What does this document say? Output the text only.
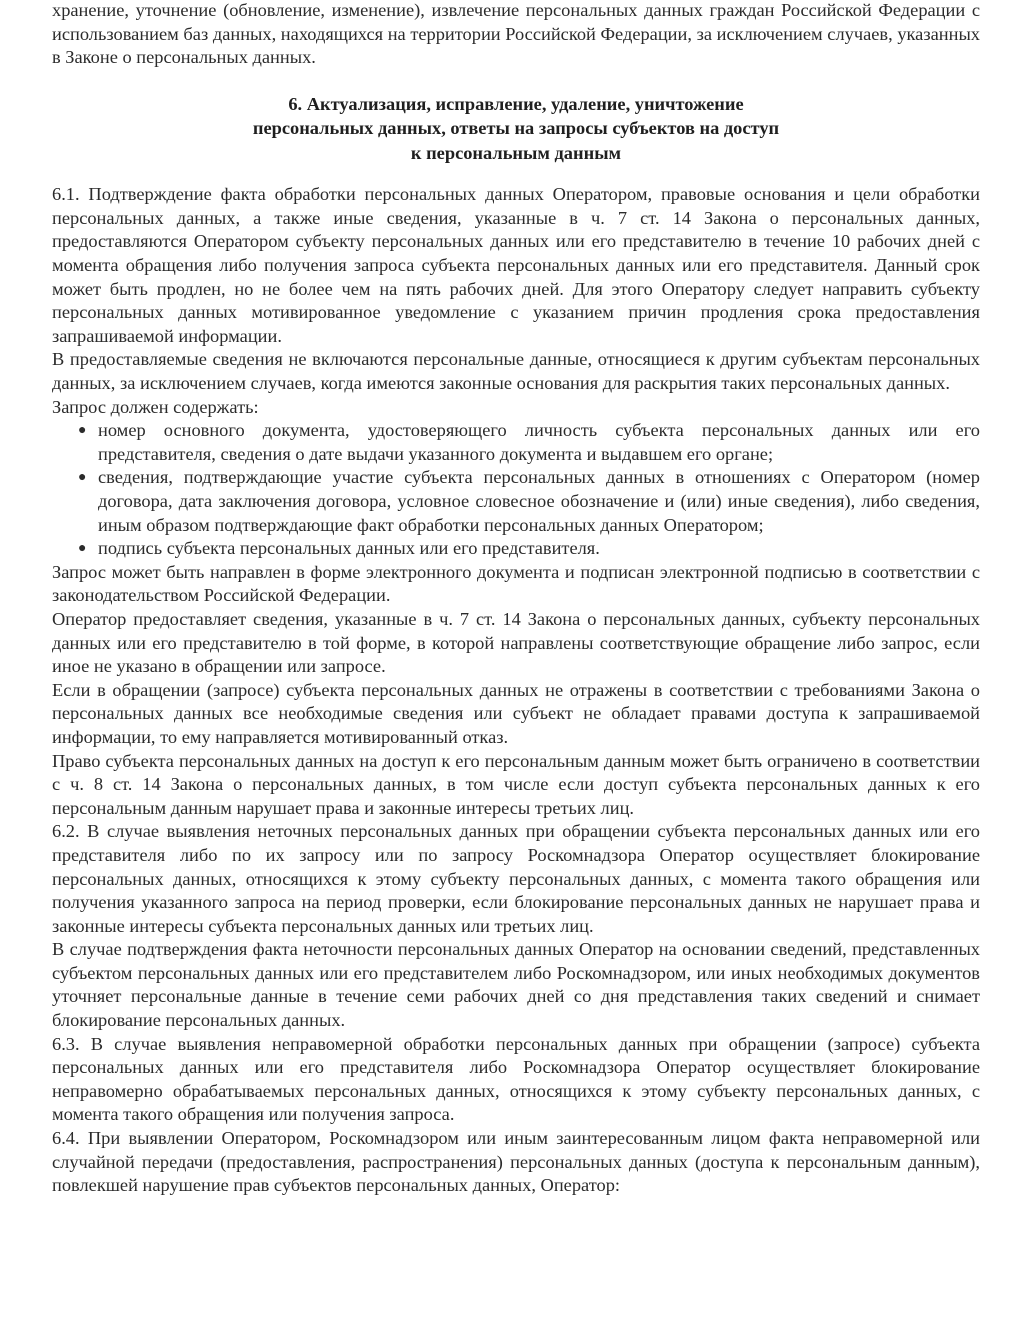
хранение, уточнение (обновление, изменение), извлечение персональных данных граждан Российской Федерации с использованием баз данных, находящихся на территории Российской Федерации, за исключением случаев, указанных в Законе о персональных данных.

6. Актуализация, исправление, удаление, уничтожение
персональных данных, ответы на запросы субъектов на доступ
к персональным данным

6.1. Подтверждение факта обработки персональных данных Оператором, правовые основания и цели обработки персональных данных, а также иные сведения, указанные в ч. 7 ст. 14 Закона о персональных данных, предоставляются Оператором субъекту персональных данных или его представителю в течение 10 рабочих дней с момента обращения либо получения запроса субъекта персональных данных или его представителя. Данный срок может быть продлен, но не более чем на пять рабочих дней. Для этого Оператору следует направить субъекту персональных данных мотивированное уведомление с указанием причин продления срока предоставления запрашиваемой информации.

В предоставляемые сведения не включаются персональные данные, относящиеся к другим субъектам персональных данных, за исключением случаев, когда имеются законные основания для раскрытия таких персональных данных.

Запрос должен содержать:

● номер основного документа, удостоверяющего личность субъекта персональных данных или его представителя, сведения о дате выдачи указанного документа и выдавшем его органе;
● сведения, подтверждающие участие субъекта персональных данных в отношениях с Оператором (номер договора, дата заключения договора, условное словесное обозначение и (или) иные сведения), либо сведения, иным образом подтверждающие факт обработки персональных данных Оператором;
● подпись субъекта персональных данных или его представителя.

Запрос может быть направлен в форме электронного документа и подписан электронной подписью в соответствии с законодательством Российской Федерации.

Оператор предоставляет сведения, указанные в ч. 7 ст. 14 Закона о персональных данных, субъекту персональных данных или его представителю в той форме, в которой направлены соответствующие обращение либо запрос, если иное не указано в обращении или запросе.

Если в обращении (запросе) субъекта персональных данных не отражены в соответствии с требованиями Закона о персональных данных все необходимые сведения или субъект не обладает правами доступа к запрашиваемой информации, то ему направляется мотивированный отказ.

Право субъекта персональных данных на доступ к его персональным данным может быть ограничено в соответствии с ч. 8 ст. 14 Закона о персональных данных, в том числе если доступ субъекта персональных данных к его персональным данным нарушает права и законные интересы третьих лиц.

6.2. В случае выявления неточных персональных данных при обращении субъекта персональных данных или его представителя либо по их запросу или по запросу Роскомнадзора Оператор осуществляет блокирование персональных данных, относящихся к этому субъекту персональных данных, с момента такого обращения или получения указанного запроса на период проверки, если блокирование персональных данных не нарушает права и законные интересы субъекта персональных данных или третьих лиц.

В случае подтверждения факта неточности персональных данных Оператор на основании сведений, представленных субъектом персональных данных или его представителем либо Роскомнадзором, или иных необходимых документов уточняет персональные данные в течение семи рабочих дней со дня представления таких сведений и снимает блокирование персональных данных.

6.3. В случае выявления неправомерной обработки персональных данных при обращении (запросе) субъекта персональных данных или его представителя либо Роскомнадзора Оператор осуществляет блокирование неправомерно обрабатываемых персональных данных, относящихся к этому субъекту персональных данных, с момента такого обращения или получения запроса.

6.4. При выявлении Оператором, Роскомнадзором или иным заинтересованным лицом факта неправомерной или случайной передачи (предоставления, распространения) персональных данных (доступа к персональным данным), повлекшей нарушение прав субъектов персональных данных, Оператор:
